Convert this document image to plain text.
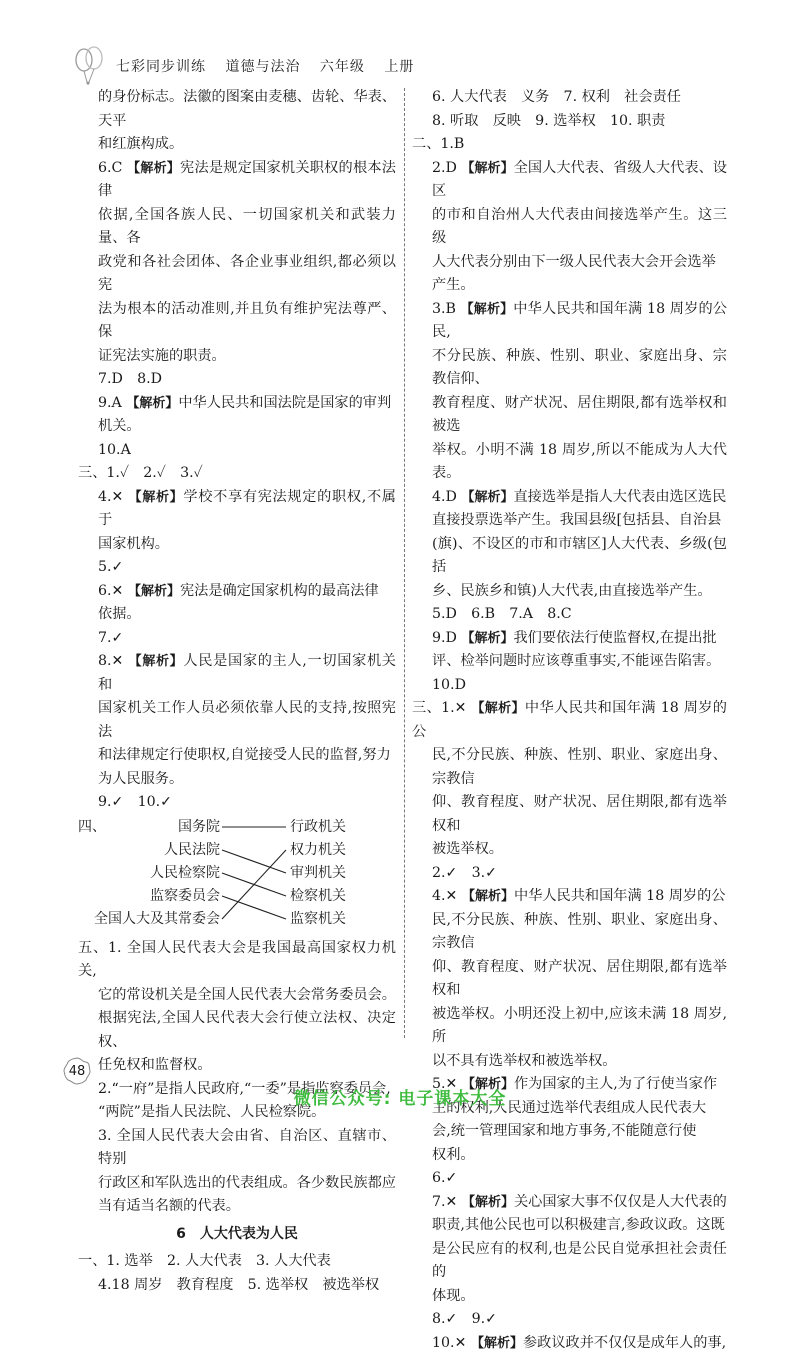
七彩同步训练 道德与法治 六年级 上册

的身份标志。法徽的图案由麦穗、齿轮、华表、天平

和红旗构成。

6.C 【解析】宪法是规定国家机关职权的根本法律

依据,全国各族人民、一切国家机关和武装力量、各

政党和各社会团体、各企业事业组织,都必须以宪

法为根本的活动准则,并且负有维护宪法尊严、保

证宪法实施的职责。

7.D　8.D

9.A 【解析】中华人民共和国法院是国家的审判

机关。

10.A

三、1.✓　2.✓　3.✓

4.✕ 【解析】学校不享有宪法规定的职权,不属于

国家机构。

5.✓

6.✕ 【解析】宪法是确定国家机构的最高法律

依据。

7.✓

8.✕ 【解析】人民是国家的主人,一切国家机关和

国家机关工作人员必须依靠人民的支持,按照宪法

和法律规定行使职权,自觉接受人民的监督,努力

为人民服务。

9.✓　10.✓

四、	国务院
人民法院
人民检察院
监察委员会
全国人大及其常委会
行政机关
权力机关
审判机关
检察机关
监察机关

五、1. 全国人民代表大会是我国最高国家权力机关,

它的常设机关是全国人民代表大会常务委员会。

根据宪法,全国人民代表大会行使立法权、决定权、

任免权和监督权。

2.“一府”是指人民政府,“一委”是指监察委员会,

“两院”是指人民法院、人民检察院。

3. 全国人民代表大会由省、自治区、直辖市、特别

行政区和军队选出的代表组成。各少数民族都应

当有适当名额的代表。

6　 人大代表为人民

一、1. 选举　2. 人大代表　3. 人大代表

4.18 周岁　教育程度　5. 选举权　被选举权

6. 人大代表　义务　7. 权利　社会责任

8. 听取　反映　9. 选举权　10. 职责

二、1.B

2.D 【解析】全国人大代表、省级人大代表、设区

的市和自治州人大代表由间接选举产生。这三级

人大代表分别由下一级人民代表大会开会选举

产生。

3.B 【解析】中华人民共和国年满 18 周岁的公民,

不分民族、种族、性别、职业、家庭出身、宗教信仰、

教育程度、财产状况、居住期限,都有选举权和被选

举权。小明不满 18 周岁,所以不能成为人大代表。

4.D 【解析】直接选举是指人大代表由选区选民

直接投票选举产生。我国县级[包括县、自治县

(旗)、不设区的市和市辖区]人大代表、乡级(包括

乡、民族乡和镇)人大代表,由直接选举产生。

5.D　6.B　7.A　8.C

9.D 【解析】我们要依法行使监督权,在提出批

评、检举问题时应该尊重事实,不能诬告陷害。

10.D

三、1.✕ 【解析】中华人民共和国年满 18 周岁的公

民,不分民族、种族、性别、职业、家庭出身、宗教信

仰、教育程度、财产状况、居住期限,都有选举权和

被选举权。

2.✓　3.✓

4.✕ 【解析】中华人民共和国年满 18 周岁的公

民,不分民族、种族、性别、职业、家庭出身、宗教信

仰、教育程度、财产状况、居住期限,都有选举权和

被选举权。小明还没上初中,应该未满 18 周岁,所

以不具有选举权和被选举权。

5.✕ 【解析】作为国家的主人,为了行使当家作

主的权利,人民通过选举代表组成人民代表大

会,统一管理国家和地方事务,不能随意行使

权利。

6.✓

7.✕ 【解析】关心国家大事不仅仅是人大代表的

职责,其他公民也可以积极建言,参政议政。这既

是公民应有的权利,也是公民自觉承担社会责任的

体现。

8.✓　9.✓

10.✕ 【解析】参政议政并不仅仅是成年人的事,

48
微信公众号: 电子课本大全
